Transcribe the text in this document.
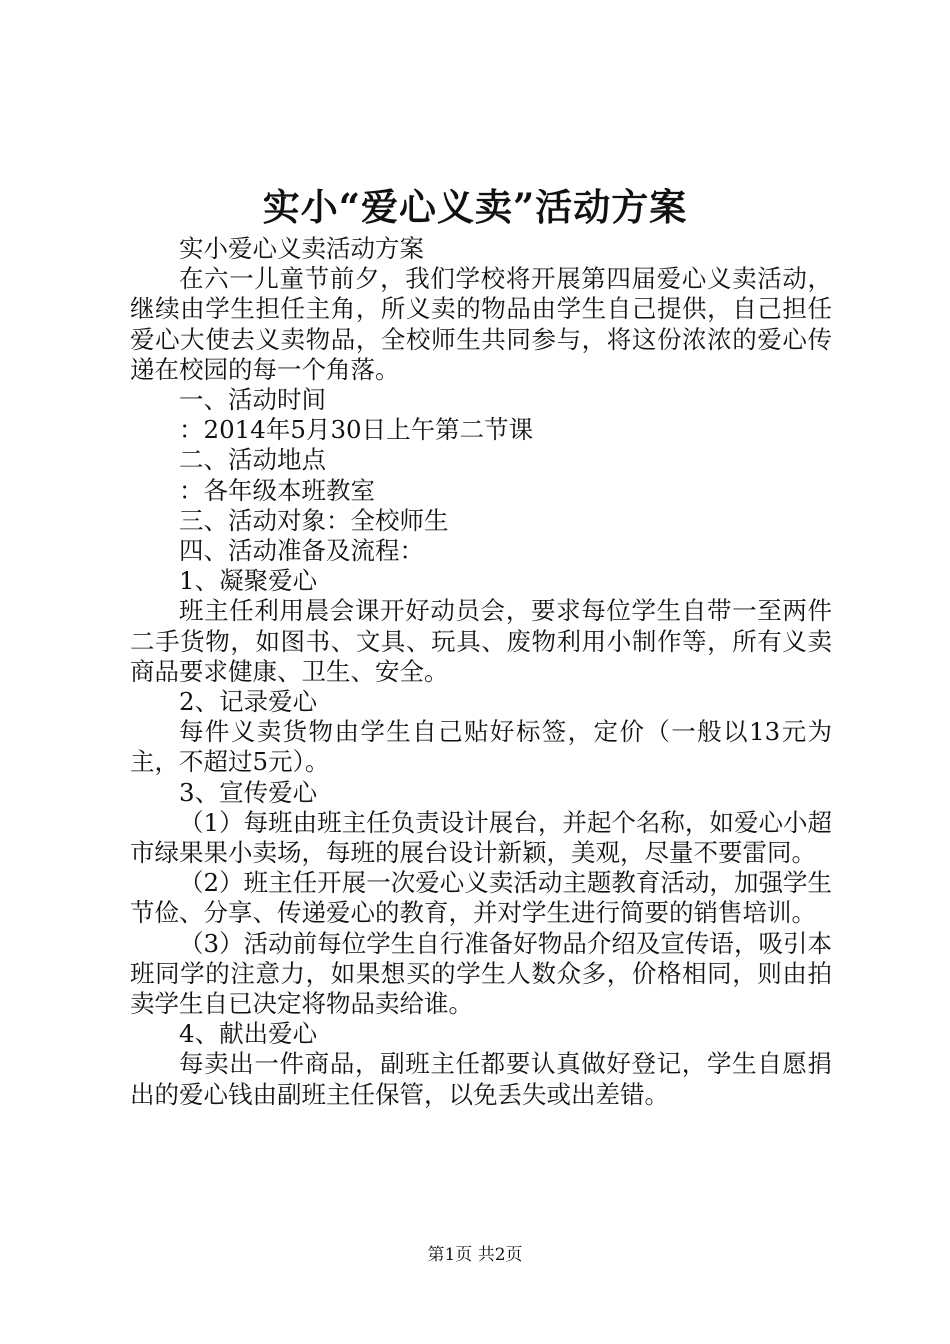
实小“爱心义卖”活动方案

实小爱心义卖活动方案

在六一儿童节前夕，我们学校将开展第四届爱心义卖活动，继续由学生担任主角，所义卖的物品由学生自己提供，自己担任爱心大使去义卖物品，全校师生共同参与，将这份浓浓的爱心传递在校园的每一个角落。

一、活动时间

：2014年5月30日上午第二节课

二、活动地点

：各年级本班教室

三、活动对象：全校师生

四、活动准备及流程：

1、凝聚爱心

班主任利用晨会课开好动员会，要求每位学生自带一至两件二手货物，如图书、文具、玩具、废物利用小制作等，所有义卖商品要求健康、卫生、安全。

2、记录爱心

每件义卖货物由学生自己贴好标签，定价（一般以13元为主，不超过5元）。

3、宣传爱心

（1）每班由班主任负责设计展台，并起个名称，如爱心小超市绿果果小卖场，每班的展台设计新颖，美观，尽量不要雷同。

（2）班主任开展一次爱心义卖活动主题教育活动，加强学生节俭、分享、传递爱心的教育，并对学生进行简要的销售培训。

（3）活动前每位学生自行准备好物品介绍及宣传语，吸引本班同学的注意力，如果想买的学生人数众多，价格相同，则由拍卖学生自已决定将物品卖给谁。

4、献出爱心

每卖出一件商品，副班主任都要认真做好登记，学生自愿捐出的爱心钱由副班主任保管，以免丢失或出差错。

第1页 共2页
